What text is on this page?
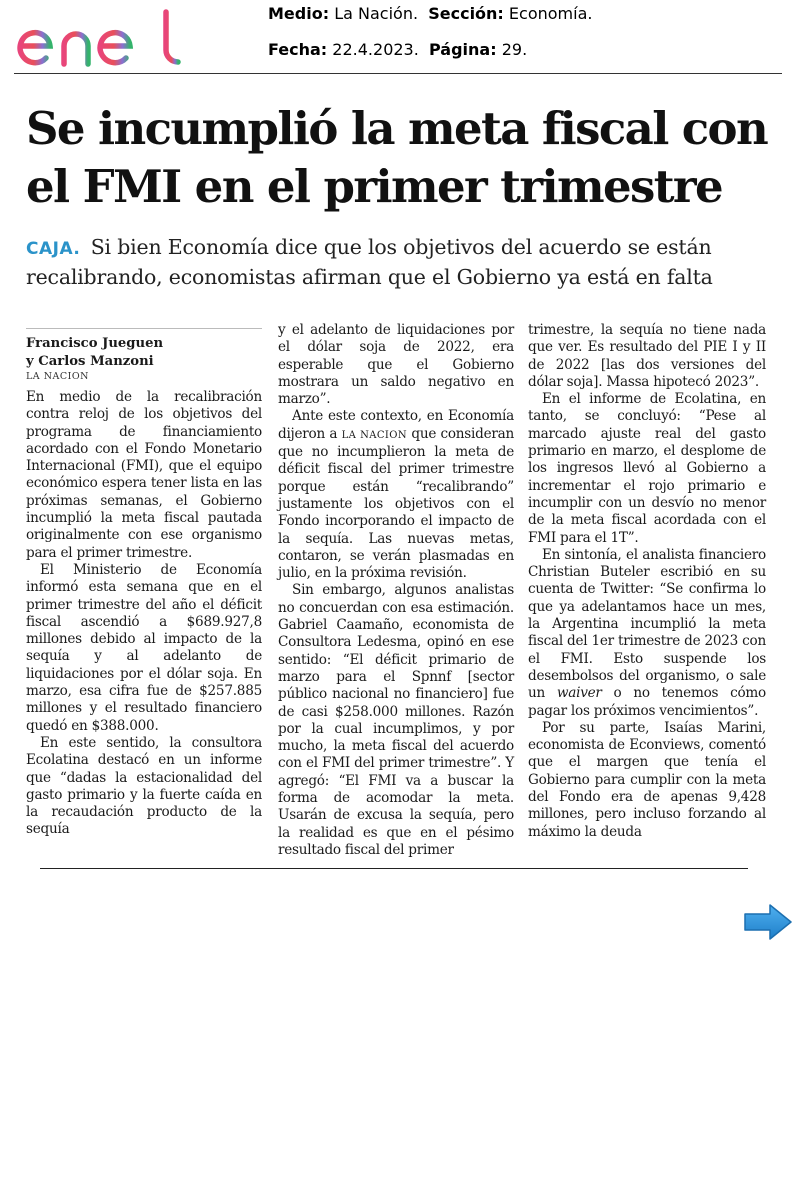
Medio: La Nación. Sección: Economía.
Fecha: 22.4.2023. Página: 29.
Se incumplió la meta fiscal con el FMI en el primer trimestre

CAJA. Si bien Economía dice que los objetivos del acuerdo se están recalibrando, economistas afirman que el Gobierno ya está en falta

Francisco Jueguen
y Carlos Manzoni
LA NACION

En medio de la recalibración contra reloj de los objetivos del programa de financiamiento acordado con el Fondo Monetario Internacional (FMI), que el equipo económico espera tener lista en las próximas semanas, el Gobierno incumplió la meta fiscal pautada originalmente con ese organismo para el primer trimestre.

El Ministerio de Economía informó esta semana que en el primer trimestre del año el déficit fiscal ascendió a $689.927,8 millones debido al impacto de la sequía y al adelanto de liquidaciones por el dólar soja. En marzo, esa cifra fue de $257.885 millones y el resultado financiero quedó en $388.000.

En este sentido, la consultora Ecolatina destacó en un informe que “dadas la estacionalidad del gasto primario y la fuerte caída en la recaudación producto de la sequía

y el adelanto de liquidaciones por el dólar soja de 2022, era esperable que el Gobierno mostrara un saldo negativo en marzo”.

Ante este contexto, en Economía dijeron a LA NACION que consideran que no incumplieron la meta de déficit fiscal del primer trimestre porque están “recalibrando” justamente los objetivos con el Fondo incorporando el impacto de la sequía. Las nuevas metas, contaron, se verán plasmadas en julio, en la próxima revisión.

Sin embargo, algunos analistas no concuerdan con esa estimación. Gabriel Caamaño, economista de Consultora Ledesma, opinó en ese sentido: “El déficit primario de marzo para el Spnnf [sector público nacional no financiero] fue de casi $258.000 millones. Razón por la cual incumplimos, y por mucho, la meta fiscal del acuerdo con el FMI del primer trimestre”. Y agregó: “El FMI va a buscar la forma de acomodar la meta. Usarán de excusa la sequía, pero la realidad es que en el pésimo resultado fiscal del primer

trimestre, la sequía no tiene nada que ver. Es resultado del PIE I y II de 2022 [las dos versiones del dólar soja]. Massa hipotecó 2023”.

En el informe de Ecolatina, en tanto, se concluyó: “Pese al marcado ajuste real del gasto primario en marzo, el desplome de los ingresos llevó al Gobierno a incrementar el rojo primario e incumplir con un desvío no menor de la meta fiscal acordada con el FMI para el 1T”.

En sintonía, el analista financiero Christian Buteler escribió en su cuenta de Twitter: “Se confirma lo que ya adelantamos hace un mes, la Argentina incumplió la meta fiscal del 1er trimestre de 2023 con el FMI. Esto suspende los desembolsos del organismo, o sale un waiver o no tenemos cómo pagar los próximos vencimientos”.

Por su parte, Isaías Marini, economista de Econviews, comentó que el margen que tenía el Gobierno para cumplir con la meta del Fondo era de apenas 9,428 millones, pero incluso forzando al máximo la deuda
